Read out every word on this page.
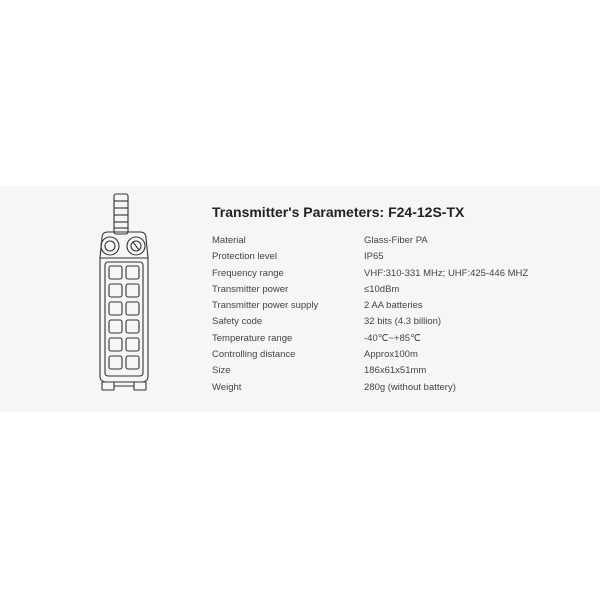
Transmitter's Parameters: F24-12S-TX
Material	Glass-Fiber PA
Protection level	IP65
Frequency range	VHF:310-331 MHz; UHF:425-446 MHZ
Transmitter power	≤10dBm
Transmitter power supply	2 AA batteries
Safety code	32 bits (4.3 billion)
Temperature range	-40℃~+85℃
Controlling distance	Approx100m
Size	186x61x51mm
Weight	280g (without battery)
